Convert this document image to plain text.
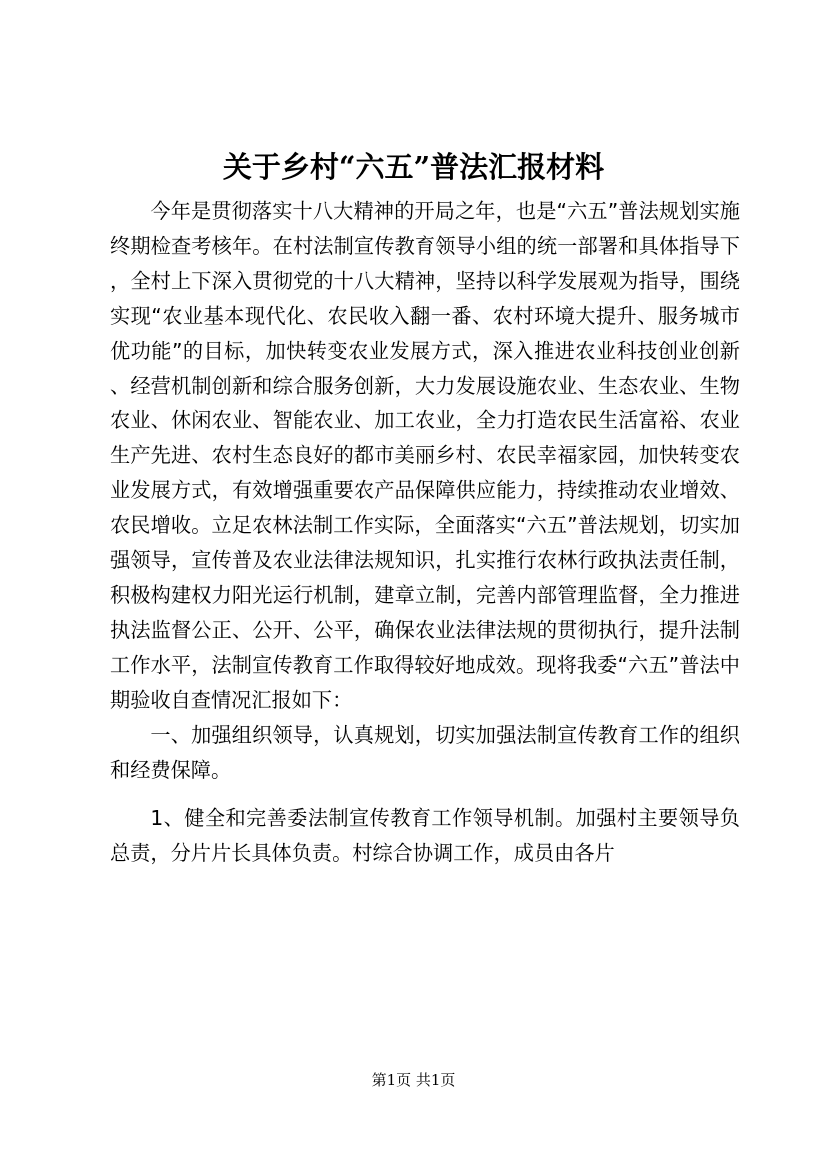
关于乡村“六五”普法汇报材料

今年是贯彻落实十八大精神的开局之年，也是“六五”普法规划实施终期检查考核年。在村法制宣传教育领导小组的统一部署和具体指导下，全村上下深入贯彻党的十八大精神，坚持以科学发展观为指导，围绕实现“农业基本现代化、农民收入翻一番、农村环境大提升、服务城市优功能”的目标，加快转变农业发展方式，深入推进农业科技创业创新、经营机制创新和综合服务创新，大力发展设施农业、生态农业、生物农业、休闲农业、智能农业、加工农业，全力打造农民生活富裕、农业生产先进、农村生态良好的都市美丽乡村、农民幸福家园，加快转变农业发展方式，有效增强重要农产品保障供应能力，持续推动农业增效、农民增收。立足农林法制工作实际，全面落实“六五”普法规划，切实加强领导，宣传普及农业法律法规知识，扎实推行农林行政执法责任制，积极构建权力阳光运行机制，建章立制，完善内部管理监督，全力推进执法监督公正、公开、公平，确保农业法律法规的贯彻执行，提升法制工作水平，法制宣传教育工作取得较好地成效。现将我委“六五”普法中期验收自查情况汇报如下：

一、加强组织领导，认真规划，切实加强法制宣传教育工作的组织和经费保障。

1、健全和完善委法制宣传教育工作领导机制。加强村主要领导负总责，分片片长具体负责。村综合协调工作，成员由各片

第1页 共1页
